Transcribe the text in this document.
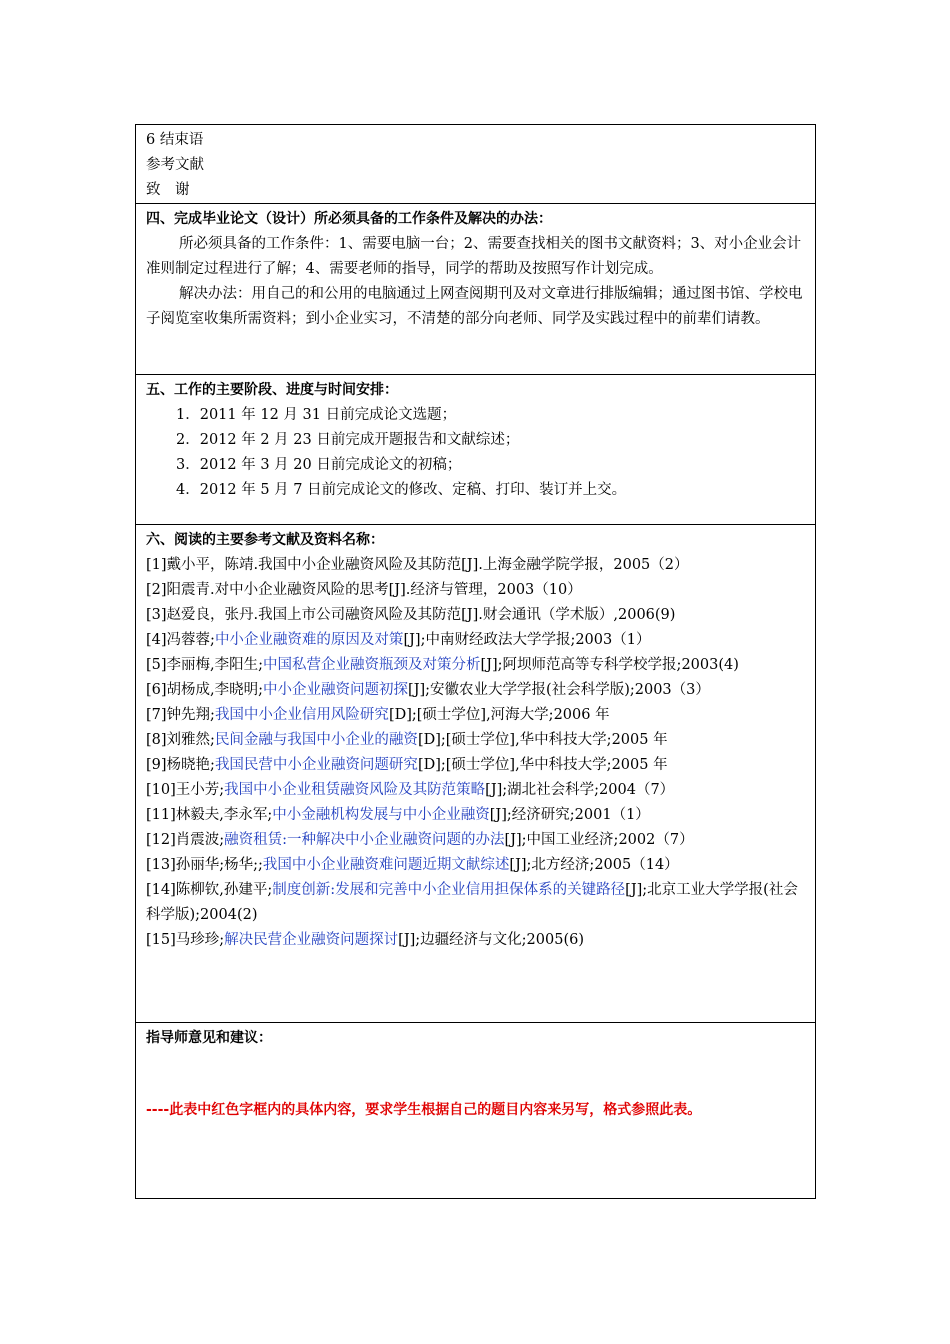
6 结束语
参考文献
致　谢

四、完成毕业论文（设计）所必须具备的工作条件及解决的办法：

所必须具备的工作条件：1、需要电脑一台；2、需要查找相关的图书文献资料；3、对小企业会计准则制定过程进行了解；4、需要老师的指导，同学的帮助及按照写作计划完成。

解决办法：用自己的和公用的电脑通过上网查阅期刊及对文章进行排版编辑；通过图书馆、学校电子阅览室收集所需资料；到小企业实习，不清楚的部分向老师、同学及实践过程中的前辈们请教。

五、工作的主要阶段、进度与时间安排：
1．2011 年 12 月 31 日前完成论文选题；
2．2012 年 2 月 23 日前完成开题报告和文献综述；
3．2012 年 3 月 20 日前完成论文的初稿；
4．2012 年 5 月 7 日前完成论文的修改、定稿、打印、装订并上交。

六、阅读的主要参考文献及资料名称：
[1]戴小平，陈靖.我国中小企业融资风险及其防范[J].上海金融学院学报，2005（2）
[2]阳震青.对中小企业融资风险的思考[J].经济与管理，2003（10）
[3]赵爱良，张丹.我国上市公司融资风险及其防范[J].财会通讯（学术版）,2006(9)
[4]冯蓉蓉;中小企业融资难的原因及对策[J];中南财经政法大学学报;2003（1）
[5]李丽梅,李阳生;中国私营企业融资瓶颈及对策分析[J];阿坝师范高等专科学校学报;2003(4)
[6]胡杨成,李晓明;中小企业融资问题初探[J];安徽农业大学学报(社会科学版);2003（3）
[7]钟先翔;我国中小企业信用风险研究[D];[硕士学位],河海大学;2006 年
[8]刘雅然;民间金融与我国中小企业的融资[D];[硕士学位],华中科技大学;2005 年
[9]杨晓艳;我国民营中小企业融资问题研究[D];[硕士学位],华中科技大学;2005 年
[10]王小芳;我国中小企业租赁融资风险及其防范策略[J];湖北社会科学;2004（7）
[11]林毅夫,李永军;中小金融机构发展与中小企业融资[J];经济研究;2001（1）
[12]肖震波;融资租赁:一种解决中小企业融资问题的办法[J];中国工业经济;2002（7）
[13]孙丽华;杨华;;我国中小企业融资难问题近期文献综述[J];北方经济;2005（14）
[14]陈柳钦,孙建平;制度创新:发展和完善中小企业信用担保体系的关键路径[J];北京工业大学学报(社会科学版);2004(2)
[15]马珍珍;解决民营企业融资问题探讨[J];边疆经济与文化;2005(6)

指导师意见和建议：
----此表中红色字框内的具体内容，要求学生根据自己的题目内容来另写，格式参照此表。
